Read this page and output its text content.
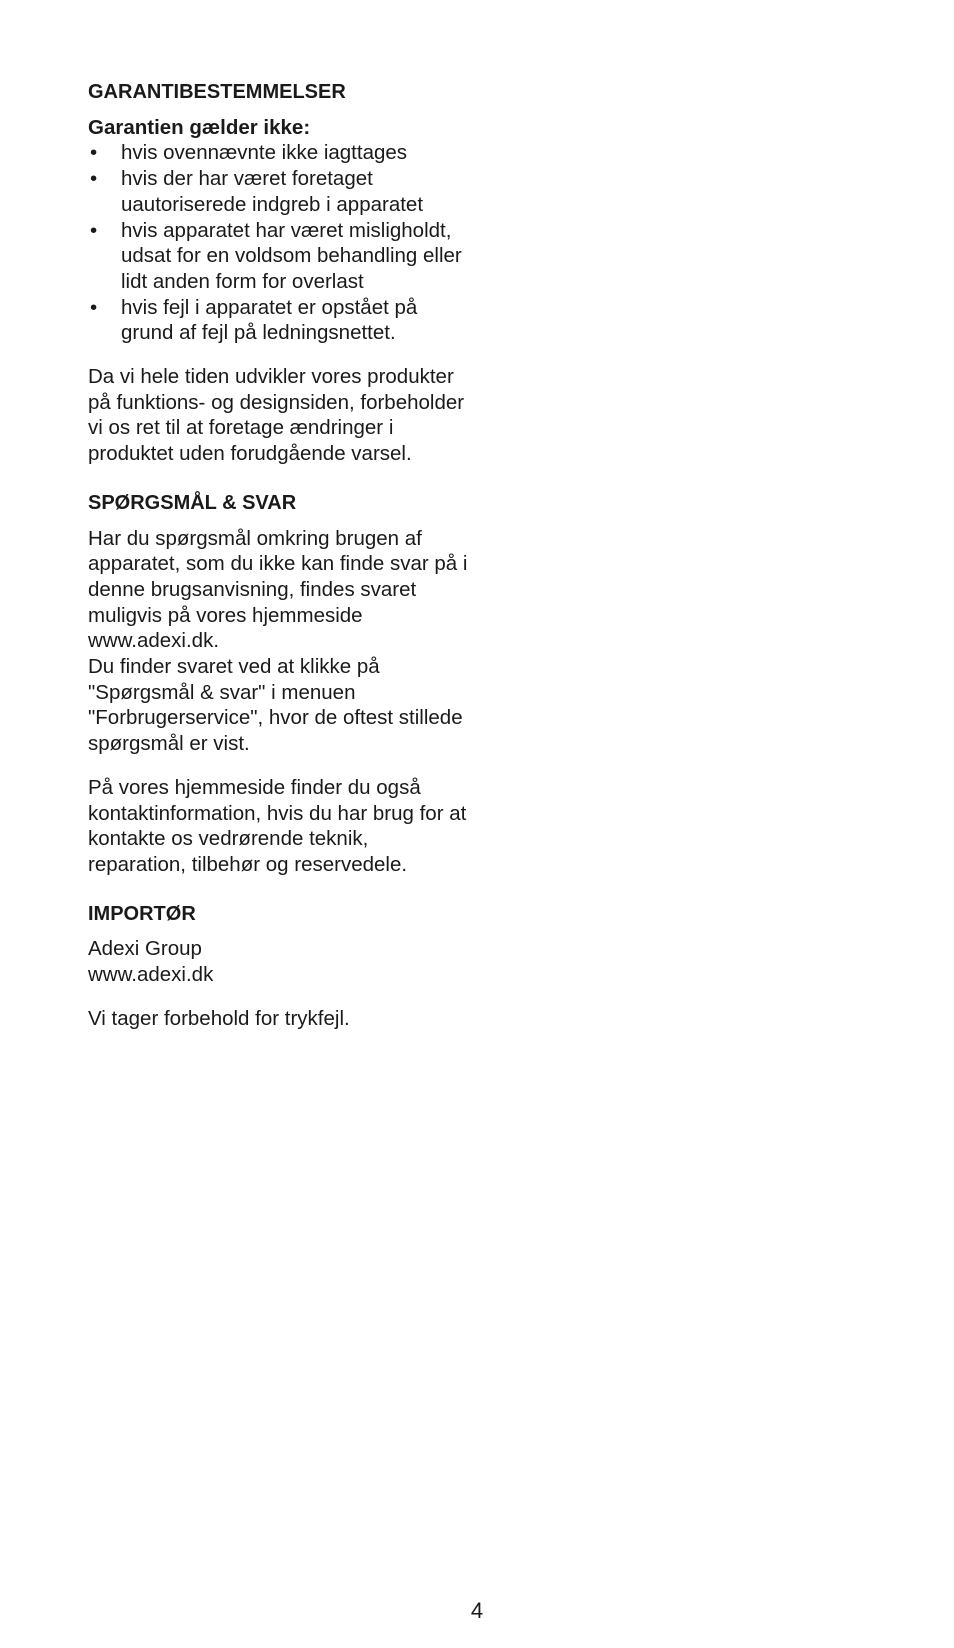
GARANTIBESTEMMELSER

Garantien gælder ikke:

• hvis ovennævnte ikke iagttages
• hvis der har været foretaget uautoriserede indgreb i apparatet
• hvis apparatet har været misligholdt, udsat for en voldsom behandling eller lidt anden form for overlast
• hvis fejl i apparatet er opstået på grund af fejl på ledningsnettet.

Da vi hele tiden udvikler vores produkter på funktions- og designsiden, forbeholder vi os ret til at foretage ændringer i produktet uden forudgående varsel.

SPØRGSMÅL & SVAR

Har du spørgsmål omkring brugen af apparatet, som du ikke kan finde svar på i denne brugsanvisning, findes svaret muligvis på vores hjemmeside www.adexi.dk.

Du finder svaret ved at klikke på "Spørgsmål & svar" i menuen "Forbrugerservice", hvor de oftest stillede spørgsmål er vist.

På vores hjemmeside finder du også kontaktinformation, hvis du har brug for at kontakte os vedrørende teknik, reparation, tilbehør og reservedele.

IMPORTØR

Adexi Group

www.adexi.dk

Vi tager forbehold for trykfejl.

4
